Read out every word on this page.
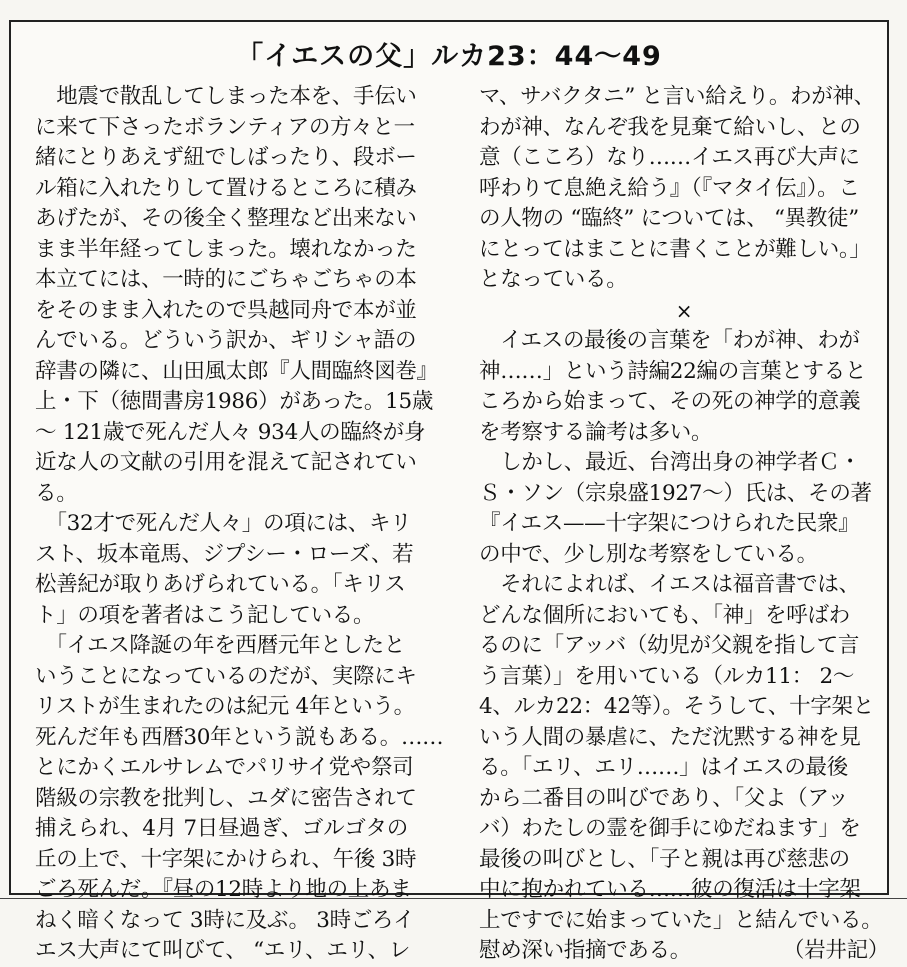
「イエスの父」ルカ23：44〜49

　地震で散乱してしまった本を、手伝い
に来て下さったボランティアの方々と一
緒にとりあえず紐でしばったり、段ボー
ル箱に入れたりして置けるところに積み
あげたが、その後全く整理など出来ない
まま半年経ってしまった。壊れなかった
本立てには、一時的にごちゃごちゃの本
をそのまま入れたので呉越同舟で本が並
んでいる。どういう訳か、ギリシャ語の
辞書の隣に、山田風太郎『人間臨終図巻』
上・下（徳間書房1986）があった。15歳
〜 121歳で死んだ人々 934人の臨終が身
近な人の文献の引用を混えて記されてい
る。
　「32才で死んだ人々」の項には、キリ
スト、坂本竜馬、ジプシー・ローズ、若
松善紀が取りあげられている。「キリス
ト」の項を著者はこう記している。
　「イエス降誕の年を西暦元年としたと
いうことになっているのだが、実際にキ
リストが生まれたのは紀元 4年という。
死んだ年も西暦30年という説もある。……
とにかくエルサレムでパリサイ党や祭司
階級の宗教を批判し、ユダに密告されて
捕えられ、4月 7日昼過ぎ、ゴルゴタの
丘の上で、十字架にかけられ、午後 3時
ごろ死んだ。『昼の12時より地の上あま
ねく暗くなって 3時に及ぶ。 3時ごろイ
エス大声にて叫びて、 “エリ、エリ、レ

マ、サバクタニ” と言い給えり。わが神、
わが神、なんぞ我を見棄て給いし、との
意（こころ）なり……イエス再び大声に
呼わりて息絶え給う』（『マタイ伝』）。こ
の人物の “臨終” については、 “異教徒”
にとってはまことに書くことが難しい。」
となっている。

×

　イエスの最後の言葉を「わが神、わが
神……」という詩編22編の言葉とすると
ころから始まって、その死の神学的意義
を考察する論考は多い。
　しかし、最近、台湾出身の神学者Ｃ・
Ｓ・ソン（宗泉盛1927〜）氏は、その著
『イエス——十字架につけられた民衆』
の中で、少し別な考察をしている。
　それによれば、イエスは福音書では、
どんな個所においても、「神」を呼ばわ
るのに「アッバ（幼児が父親を指して言
う言葉）」を用いている（ルカ11： 2〜
4、ルカ22：42等）。そうして、十字架と
いう人間の暴虐に、ただ沈黙する神を見
る。「エリ、エリ……」はイエスの最後
から二番目の叫びであり、「父よ（アッ
バ）わたしの霊を御手にゆだねます」を
最後の叫びとし、「子と親は再び慈悲の
中に抱かれている……彼の復活は十字架
上ですでに始まっていた」と結んでいる。

慰め深い指摘である。	（岩井記）
